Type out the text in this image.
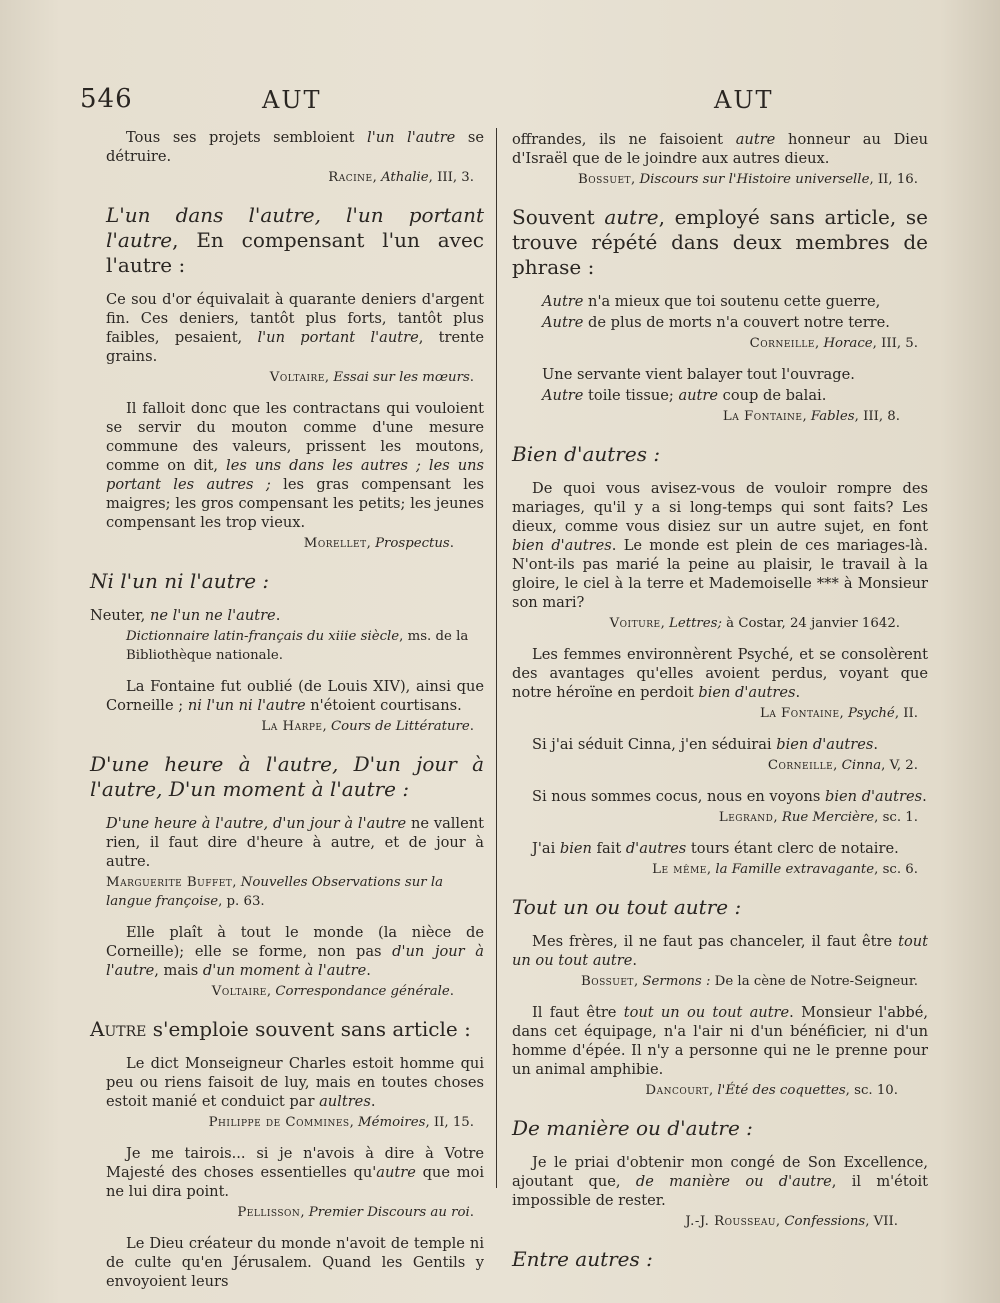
546	AUT	AUT

Tous ses projets sembloient l'un l'autre se détruire.

Racine, Athalie, III, 3.
L'un dans l'autre, l'un portant l'autre, En compensant l'un avec l'autre :

Ce sou d'or équivalait à quarante deniers d'argent fin. Ces deniers, tantôt plus forts, tantôt plus faibles, pesaient, l'un portant l'autre, trente grains.

Voltaire, Essai sur les mœurs.

Il falloit donc que les contractans qui vouloient se servir du mouton comme d'une mesure commune des valeurs, prissent les moutons, comme on dit, les uns dans les autres ; les uns portant les autres ; les gras compensant les maigres; les gros compensant les petits; les jeunes compensant les trop vieux.

Morellet, Prospectus.
Ni l'un ni l'autre :

Neuter, ne l'un ne l'autre.

Dictionnaire latin-français du xiiie siècle, ms. de la Bibliothèque nationale.

La Fontaine fut oublié (de Louis XIV), ainsi que Corneille ; ni l'un ni l'autre n'étoient courtisans.

La Harpe, Cours de Littérature.
D'une heure à l'autre, D'un jour à l'autre, D'un moment à l'autre :

D'une heure à l'autre, d'un jour à l'autre ne vallent rien, il faut dire d'heure à autre, et de jour à autre.

Marguerite Buffet, Nouvelles Observations sur la langue françoise, p. 63.

Elle plaît à tout le monde (la nièce de Corneille); elle se forme, non pas d'un jour à l'autre, mais d'un moment à l'autre.

Voltaire, Correspondance générale.
Autre s'emploie souvent sans article :

Le dict Monseigneur Charles estoit homme qui peu ou riens faisoit de luy, mais en toutes choses estoit manié et conduict par aultres.

Philippe de Commines, Mémoires, II, 15.

Je me tairois... si je n'avois à dire à Votre Majesté des choses essentielles qu'autre que moi ne lui dira point.

Pellisson, Premier Discours au roi.

Le Dieu créateur du monde n'avoit de temple ni de culte qu'en Jérusalem. Quand les Gentils y envoyoient leurs

offrandes, ils ne faisoient autre honneur au Dieu d'Israël que de le joindre aux autres dieux.

Bossuet, Discours sur l'Histoire universelle, II, 16.
Souvent autre, employé sans article, se trouve répété dans deux membres de phrase :

Autre n'a mieux que toi soutenu cette guerre,

Autre de plus de morts n'a couvert notre terre.

Corneille, Horace, III, 5.

Une servante vient balayer tout l'ouvrage.

Autre toile tissue; autre coup de balai.

La Fontaine, Fables, III, 8.
Bien d'autres :

De quoi vous avisez-vous de vouloir rompre des mariages, qu'il y a si long-temps qui sont faits? Les dieux, comme vous disiez sur un autre sujet, en font bien d'autres. Le monde est plein de ces mariages-là. N'ont-ils pas marié la peine au plaisir, le travail à la gloire, le ciel à la terre et Mademoiselle *** à Monsieur son mari?

Voiture, Lettres; à Costar, 24 janvier 1642.

Les femmes environnèrent Psyché, et se consolèrent des avantages qu'elles avoient perdus, voyant que notre héroïne en perdoit bien d'autres.

La Fontaine, Psyché, II.

Si j'ai séduit Cinna, j'en séduirai bien d'autres.

Corneille, Cinna, V, 2.

Si nous sommes cocus, nous en voyons bien d'autres.

Legrand, Rue Mercière, sc. 1.

J'ai bien fait d'autres tours étant clerc de notaire.

Le même, la Famille extravagante, sc. 6.
Tout un ou tout autre :

Mes frères, il ne faut pas chanceler, il faut être tout un ou tout autre.

Bossuet, Sermons : De la cène de Notre-Seigneur.

Il faut être tout un ou tout autre. Monsieur l'abbé, dans cet équipage, n'a l'air ni d'un bénéficier, ni d'un homme d'épée. Il n'y a personne qui ne le prenne pour un animal amphibie.

Dancourt, l'Été des coquettes, sc. 10.
De manière ou d'autre :

Je le priai d'obtenir mon congé de Son Excellence, ajoutant que, de manière ou d'autre, il m'étoit impossible de rester.

J.-J. Rousseau, Confessions, VII.
Entre autres :
